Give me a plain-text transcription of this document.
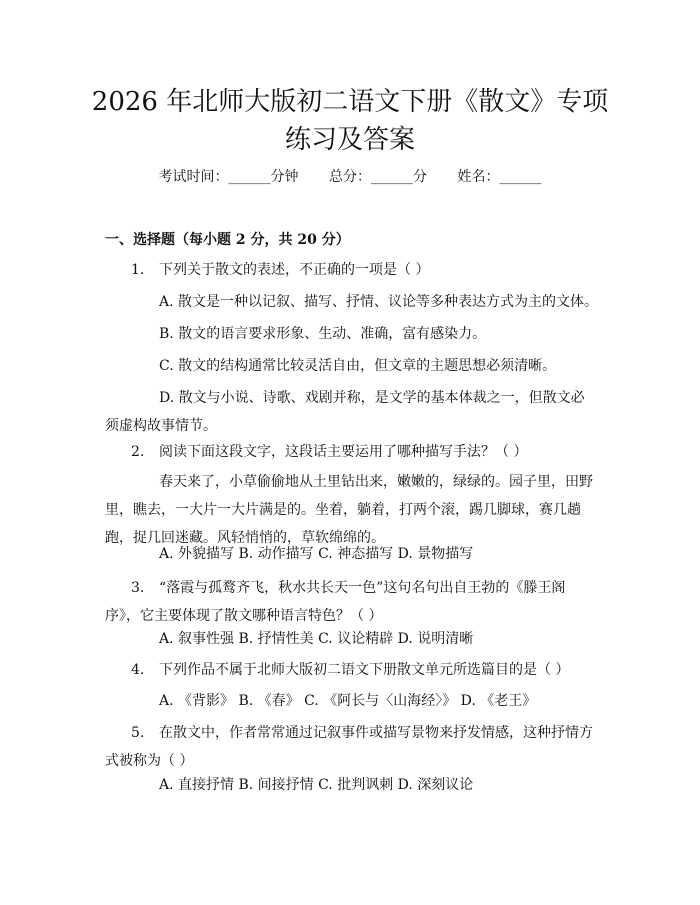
2026 年北师大版初二语文下册《散文》专项
练习及答案
考试时间：______分钟 总分：______分 姓名：______
一、选择题（每小题 2 分，共 20 分）
1. 下列关于散文的表述，不正确的一项是（ ）
A. 散文是一种以记叙、描写、抒情、议论等多种表达方式为主的文体。
B. 散文的语言要求形象、生动、准确，富有感染力。
C. 散文的结构通常比较灵活自由，但文章的主题思想必须清晰。
D. 散文与小说、诗歌、戏剧并称，是文学的基本体裁之一，但散文必须虚构故事情节。
2. 阅读下面这段文字，这段话主要运用了哪种描写手法？（ ）
春天来了，小草偷偷地从土里钻出来，嫩嫩的，绿绿的。园子里，田野里，瞧去，一大片一大片满是的。坐着，躺着，打两个滚，踢几脚球，赛几趟跑，捉几回迷藏。风轻悄悄的，草软绵绵的。
A. 外貌描写 B. 动作描写 C. 神态描写 D. 景物描写
3. “落霞与孤鹜齐飞，秋水共长天一色”这句名句出自王勃的《滕王阁序》，它主要体现了散文哪种语言特色？（ ）
A. 叙事性强 B. 抒情性美 C. 议论精辟 D. 说明清晰
4. 下列作品不属于北师大版初二语文下册散文单元所选篇目的是（ ）
A. 《背影》 B. 《春》 C. 《阿长与〈山海经〉》 D. 《老王》
5. 在散文中，作者常常通过记叙事件或描写景物来抒发情感，这种抒情方式被称为（ ）
A. 直接抒情 B. 间接抒情 C. 批判讽刺 D. 深刻议论
